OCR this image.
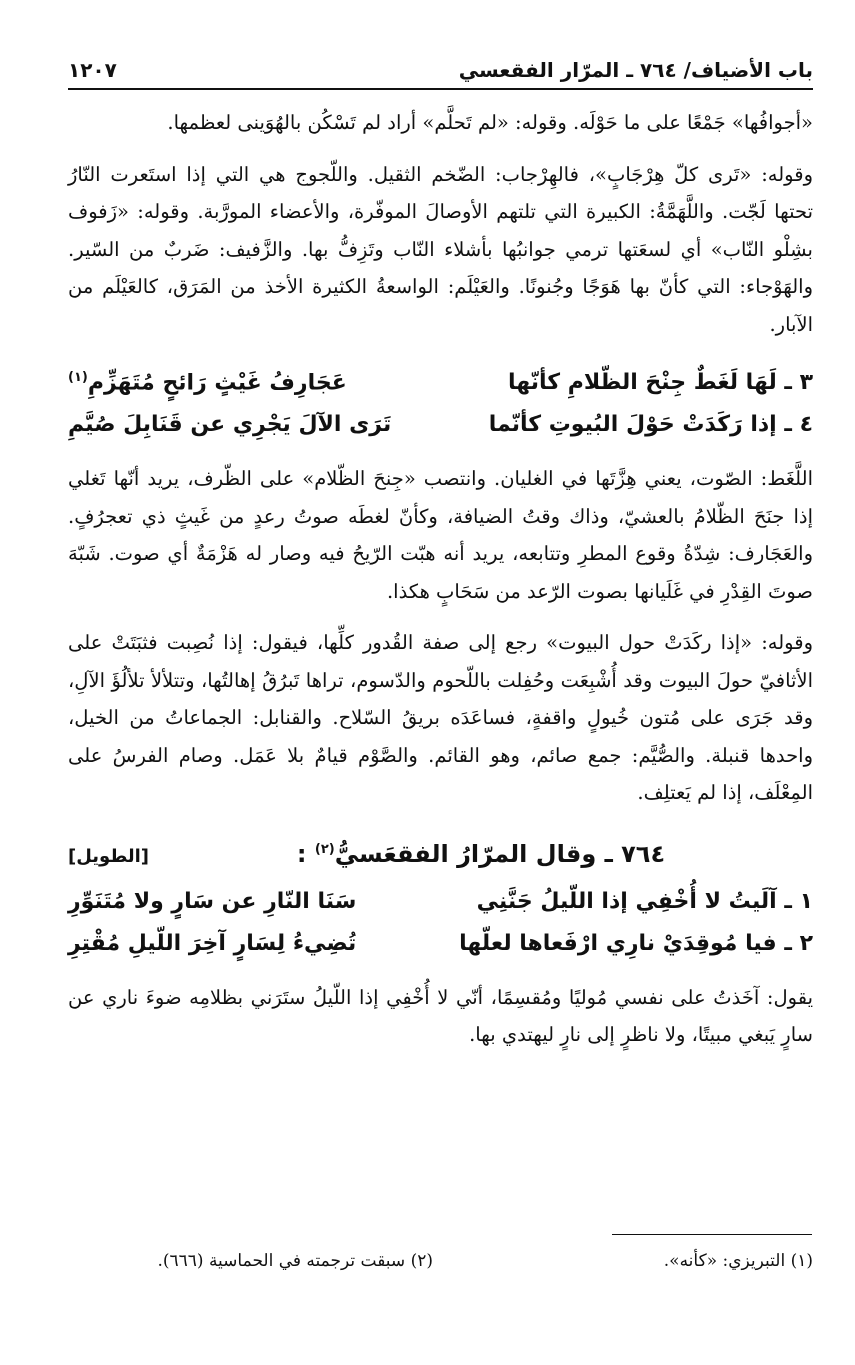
باب الأضياف/ ٧٦٤ ـ المرّار الفقعسي
١٢٠٧

«أجوافُها» جَمْعًا على ما حَوْلَه. وقوله: «لم تَحلَّم» أراد لم تَسْكُن بالهُوَينى لعظمها.

وقوله: «تَرى كلّ هِرْجَابٍ»، فالهِرْجاب: الضّخم الثقيل. واللّجوج هي التي إذا استَعرت النّارُ تحتها لَجّت. واللَّهَمَّةُ: الكبيرة التي تلتهم الأوصالَ الموفّرة، والأعضاء المورَّبة. وقوله: «زَفوف بشِلْو النّاب» أي لسعَتها ترمي جوانبُها بأشلاء النّاب وتَزِفُّ بها. والزَّفيف: ضَربٌ من السّير. والهَوْجاء: التي كأنّ بها هَوَجًا وجُنونًا. والعَيْلَم: الواسعةُ الكثيرة الأخذ من المَرَق، كالعَيْلَم من الآبار.

٣ ـ لَهَا لَغَطٌ جِنْحَ الظّلامِ كأنّها
عَجَارِفُ غَيْثٍ رَائحٍ مُتَهَزِّمِ$^{(١)}$
٤ ـ إذا رَكَدَتْ حَوْلَ البُيوتِ كأنّما
تَرَى الآلَ يَجْرِي عن قَنَابِلَ صُيَّمِ

اللَّغَط: الصّوت، يعني هِزَّتَها في الغليان. وانتصب «جِنحَ الظّلام» على الظّرف، يريد أنّها تَغلي إذا جنَحَ الظّلامُ بالعشيّ، وذاك وقتُ الضيافة، وكأنّ لغطَه صوتُ رعدٍ من غَيثٍ ذي تعجرُفٍ. والعَجَارف: شِدّةُ وقوع المطرِ وتتابعه، يريد أنه هبّت الرّيحُ فيه وصار له هَزْمَةٌ أي صوت. شَبّهَ صوتَ القِدْرِ في غَلَيانها بصوت الرّعد من سَحَابٍ هكذا.

وقوله: «إذا ركَدَتْ حول البيوت» رجع إلى صفة القُدور كلِّها، فيقول: إذا نُصِبت فثبَتَتْ على الأثافيّ حولَ البيوت وقد أُشْبِعَت وحُفِلت باللّحوم والدّسوم، تراها تَبرُقُ إهالتُها، وتتلألأ تلألُؤَ الآلِ، وقد جَرَى على مُتون خُيولٍ واقفةٍ، فساعَدَه بريقُ السّلاح. والقنابل: الجماعاتُ من الخيل، واحدها قنبلة. والصُّيَّم: جمع صائم، وهو القائم. والصَّوْم قيامٌ بلا عَمَل. وصام الفرسُ على المِعْلَف، إذا لم يَعتلِف.

٧٦٤ ـ وقال المرّارُ الفقعَسيُّ$^{(٢)}$ :
[الطويل]
١ ـ آلَيتُ لا أُخْفِي إذا اللّيلُ جَنَّنِي
سَنَا النّارِ عن سَارٍ ولا مُتَنَوِّرِ
٢ ـ فيا مُوقِدَيْ نارِي ارْفَعاها لعلّها
تُضِيءُ لِسَارٍ آخِرَ اللّيلِ مُقْتِرِ

يقول: آخَذتُ على نفسي مُوليًا ومُقسِمًا، أنّي لا أُخْفِي إذا اللّيلُ ستَرَني بظلامِه ضوءَ ناري عن سارٍ يَبغي مبيتًا، ولا ناظرٍ إلى نارٍ ليهتدي بها.

(١) التبريزي: «كأنه».
(٢) سبقت ترجمته في الحماسية (٦٦٦).
